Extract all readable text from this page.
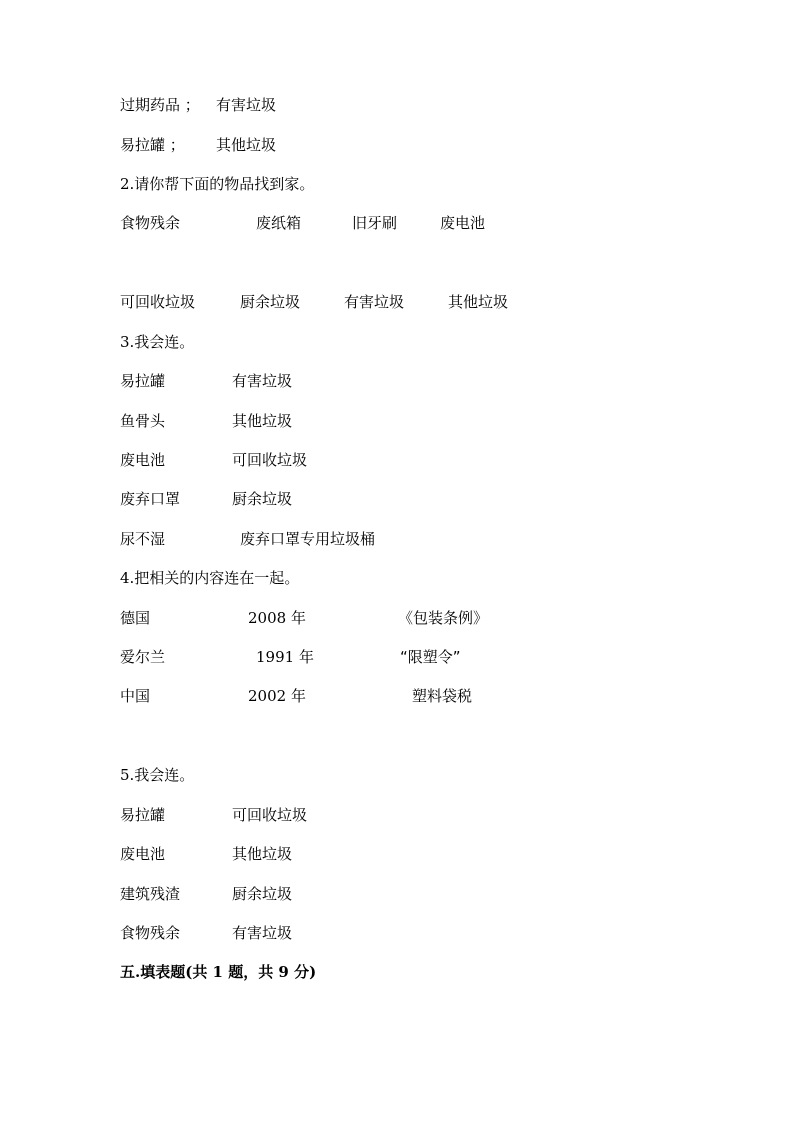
过期药品 ； 有害垃圾
易拉罐 ； 其他垃圾
2.请你帮下面的物品找到家。
食物残余	废纸箱	旧牙刷	废电池
可回收垃圾	厨余垃圾	有害垃圾	其他垃圾
3.我会连。
易拉罐	有害垃圾
鱼骨头	其他垃圾
废电池	可回收垃圾
废弃口罩	厨余垃圾
尿不湿	废弃口罩专用垃圾桶
4.把相关的内容连在一起。
德国	2008 年	《包装条例》
爱尔兰	1991 年	“限塑令”
中国	2002 年	塑料袋税
5.我会连。
易拉罐	可回收垃圾
废电池	其他垃圾
建筑残渣	厨余垃圾
食物残余	有害垃圾
五.填表题(共 1 题，共 9 分)
